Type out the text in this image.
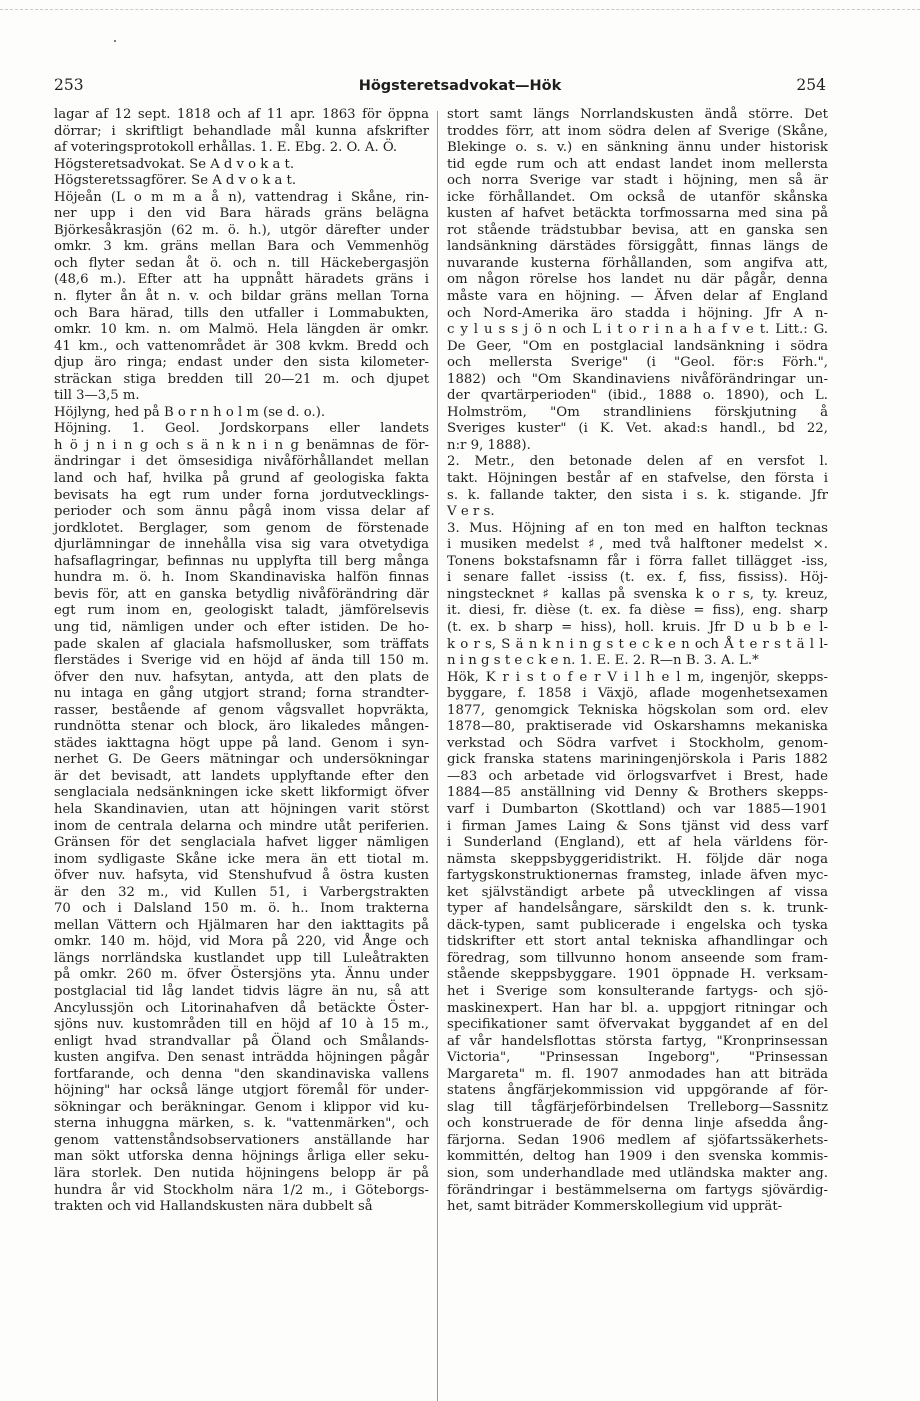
253	Högsteretsadvokat—Hök	254
lagar af 12 sept. 1818 och af 11 apr. 1863 för öppna
dörrar; i skriftligt behandlade mål kunna afskrifter
af voteringsprotokoll erhållas. 1. E. Ebg. 2. O. A. Ö.
Högsteretsadvokat. Se A d v o k a t.
Högsteretssagförer. Se A d v o k a t.
Höjeån (L o m m a å n), vattendrag i Skåne, rin-
ner upp i den vid Bara härads gräns belägna
Björkesåkrasjön (62 m. ö. h.), utgör därefter under
omkr. 3 km. gräns mellan Bara och Vemmenhög
och flyter sedan åt ö. och n. till Häckebergasjön
(48,6 m.). Efter att ha uppnått häradets gräns i
n. flyter ån åt n. v. och bildar gräns mellan Torna
och Bara härad, tills den utfaller i Lommabukten,
omkr. 10 km. n. om Malmö. Hela längden är omkr.
41 km., och vattenområdet är 308 kvkm. Bredd och
djup äro ringa; endast under den sista kilometer-
sträckan stiga bredden till 20—21 m. och djupet
till 3—3,5 m.
Höjlyng, hed på B o r n h o l m (se d. o.).
Höjning. 1. Geol. Jordskorpans eller landets
h ö j n i n g och s ä n k n i n g benämnas de för-
ändringar i det ömsesidiga nivåförhållandet mellan
land och haf, hvilka på grund af geologiska fakta
bevisats ha egt rum under forna jordutvecklings-
perioder och som ännu pågå inom vissa delar af
jordklotet. Berglager, som genom de förstenade
djurlämningar de innehålla visa sig vara otvetydiga
hafsaflagringar, befinnas nu upplyfta till berg många
hundra m. ö. h. Inom Skandinaviska halfön finnas
bevis för, att en ganska betydlig nivåförändring där
egt rum inom en, geologiskt taladt, jämförelsevis
ung tid, nämligen under och efter istiden. De ho-
pade skalen af glaciala hafsmollusker, som träffats
flerstädes i Sverige vid en höjd af ända till 150 m.
öfver den nuv. hafsytan, antyda, att den plats de
nu intaga en gång utgjort strand; forna strandter-
rasser, bestående af genom vågsvallet hopvräkta,
rundnötta stenar och block, äro likaledes mången-
städes iakttagna högt uppe på land. Genom i syn-
nerhet G. De Geers mätningar och undersökningar
är det bevisadt, att landets upplyftande efter den
senglaciala nedsänkningen icke skett likformigt öfver
hela Skandinavien, utan att höjningen varit störst
inom de centrala delarna och mindre utåt periferien.
Gränsen för det senglaciala hafvet ligger nämligen
inom sydligaste Skåne icke mera än ett tiotal m.
öfver nuv. hafsyta, vid Stenshufvud å östra kusten
är den 32 m., vid Kullen 51, i Varbergstrakten
70 och i Dalsland 150 m. ö. h.. Inom trakterna
mellan Vättern och Hjälmaren har den iakttagits på
omkr. 140 m. höjd, vid Mora på 220, vid Ånge och
längs norrländska kustlandet upp till Luleåtrakten
på omkr. 260 m. öfver Östersjöns yta. Ännu under
postglacial tid låg landet tidvis lägre än nu, så att
Ancylussjön och Litorinahafven då betäckte Öster-
sjöns nuv. kustområden till en höjd af 10 à 15 m.,
enligt hvad strandvallar på Öland och Smålands-
kusten angifva. Den senast inträdda höjningen pågår
fortfarande, och denna "den skandinaviska vallens
höjning" har också länge utgjort föremål för under-
sökningar och beräkningar. Genom i klippor vid ku-
sterna inhuggna märken, s. k. "vattenmärken", och
genom vattenståndsobservationers anställande har
man sökt utforska denna höjnings årliga eller seku-
lära storlek. Den nutida höjningens belopp är på
hundra år vid Stockholm nära 1/2 m., i Göteborgs-
trakten och vid Hallandskusten nära dubbelt så
stort samt längs Norrlandskusten ändå större. Det
troddes förr, att inom södra delen af Sverige (Skåne,
Blekinge o. s. v.) en sänkning ännu under historisk
tid egde rum och att endast landet inom mellersta
och norra Sverige var stadt i höjning, men så är
icke förhållandet. Om också de utanför skånska
kusten af hafvet betäckta torfmossarna med sina på
rot stående trädstubbar bevisa, att en ganska sen
landsänkning därstädes försiggått, finnas längs de
nuvarande kusterna förhållanden, som angifva att,
om någon rörelse hos landet nu där pågår, denna
måste vara en höjning. — Äfven delar af England
och Nord-Amerika äro stadda i höjning. Jfr A n-
c y l u s s j ö n och L i t o r i n a h a f v e t. Litt.: G.
De Geer, "Om en postglacial landsänkning i södra
och mellersta Sverige" (i "Geol. för:s Förh.",
1882) och "Om Skandinaviens nivåförändringar un-
der qvartärperioden" (ibid., 1888 o. 1890), och L.
Holmström, "Om strandliniens förskjutning å
Sveriges kuster" (i K. Vet. akad:s handl., bd 22,
n:r 9, 1888).
2. Metr., den betonade delen af en versfot l.
takt. Höjningen består af en stafvelse, den första i
s. k. fallande takter, den sista i s. k. stigande. Jfr
V e r s.
3. Mus. Höjning af en ton med en halfton tecknas
i musiken medelst ♯, med två halftoner medelst ×.
Tonens bokstafsnamn får i förra fallet tillägget -iss,
i senare fallet -ississ (t. ex. f, fiss, fississ). Höj-
ningstecknet ♯ kallas på svenska k o r s, ty. kreuz,
it. diesi, fr. dièse (t. ex. fa dièse = fiss), eng. sharp
(t. ex. b sharp = hiss), holl. kruis. Jfr D u b b e l-
k o r s, S ä n k n i n g s t e c k e n och Å t e r s t ä l l-
n i n g s t e c k e n. 1. E. E. 2. R—n B. 3. A. L.*
Hök, K r i s t o f e r V i l h e l m, ingenjör, skepps-
byggare, f. 1858 i Växjö, aflade mogenhetsexamen
1877, genomgick Tekniska högskolan som ord. elev
1878—80, praktiserade vid Oskarshamns mekaniska
verkstad och Södra varfvet i Stockholm, genom-
gick franska statens mariningenjörskola i Paris 1882
—83 och arbetade vid örlogsvarfvet i Brest, hade
1884—85 anställning vid Denny & Brothers skepps-
varf i Dumbarton (Skottland) och var 1885—1901
i firman James Laing & Sons tjänst vid dess varf
i Sunderland (England), ett af hela världens för-
nämsta skeppsbyggeridistrikt. H. följde där noga
fartygskonstruktionernas framsteg, inlade äfven myc-
ket självständigt arbete på utvecklingen af vissa
typer af handelsångare, särskildt den s. k. trunk-
däck-typen, samt publicerade i engelska och tyska
tidskrifter ett stort antal tekniska afhandlingar och
föredrag, som tillvunno honom anseende som fram-
stående skeppsbyggare. 1901 öppnade H. verksam-
het i Sverige som konsulterande fartygs- och sjö-
maskinexpert. Han har bl. a. uppgjort ritningar och
specifikationer samt öfvervakat byggandet af en del
af vår handelsflottas största fartyg, "Kronprinsessan
Victoria", "Prinsessan Ingeborg", "Prinsessan
Margareta" m. fl. 1907 anmodades han att biträda
statens ångfärjekommission vid uppgörande af för-
slag till tågfärjeförbindelsen Trelleborg—Sassnitz
och konstruerade de för denna linje afsedda ång-
färjorna. Sedan 1906 medlem af sjöfartssäkerhets-
kommittén, deltog han 1909 i den svenska kommis-
sion, som underhandlade med utländska makter ang.
förändringar i bestämmelserna om fartygs sjövärdig-
het, samt biträder Kommerskollegium vid upprät-
